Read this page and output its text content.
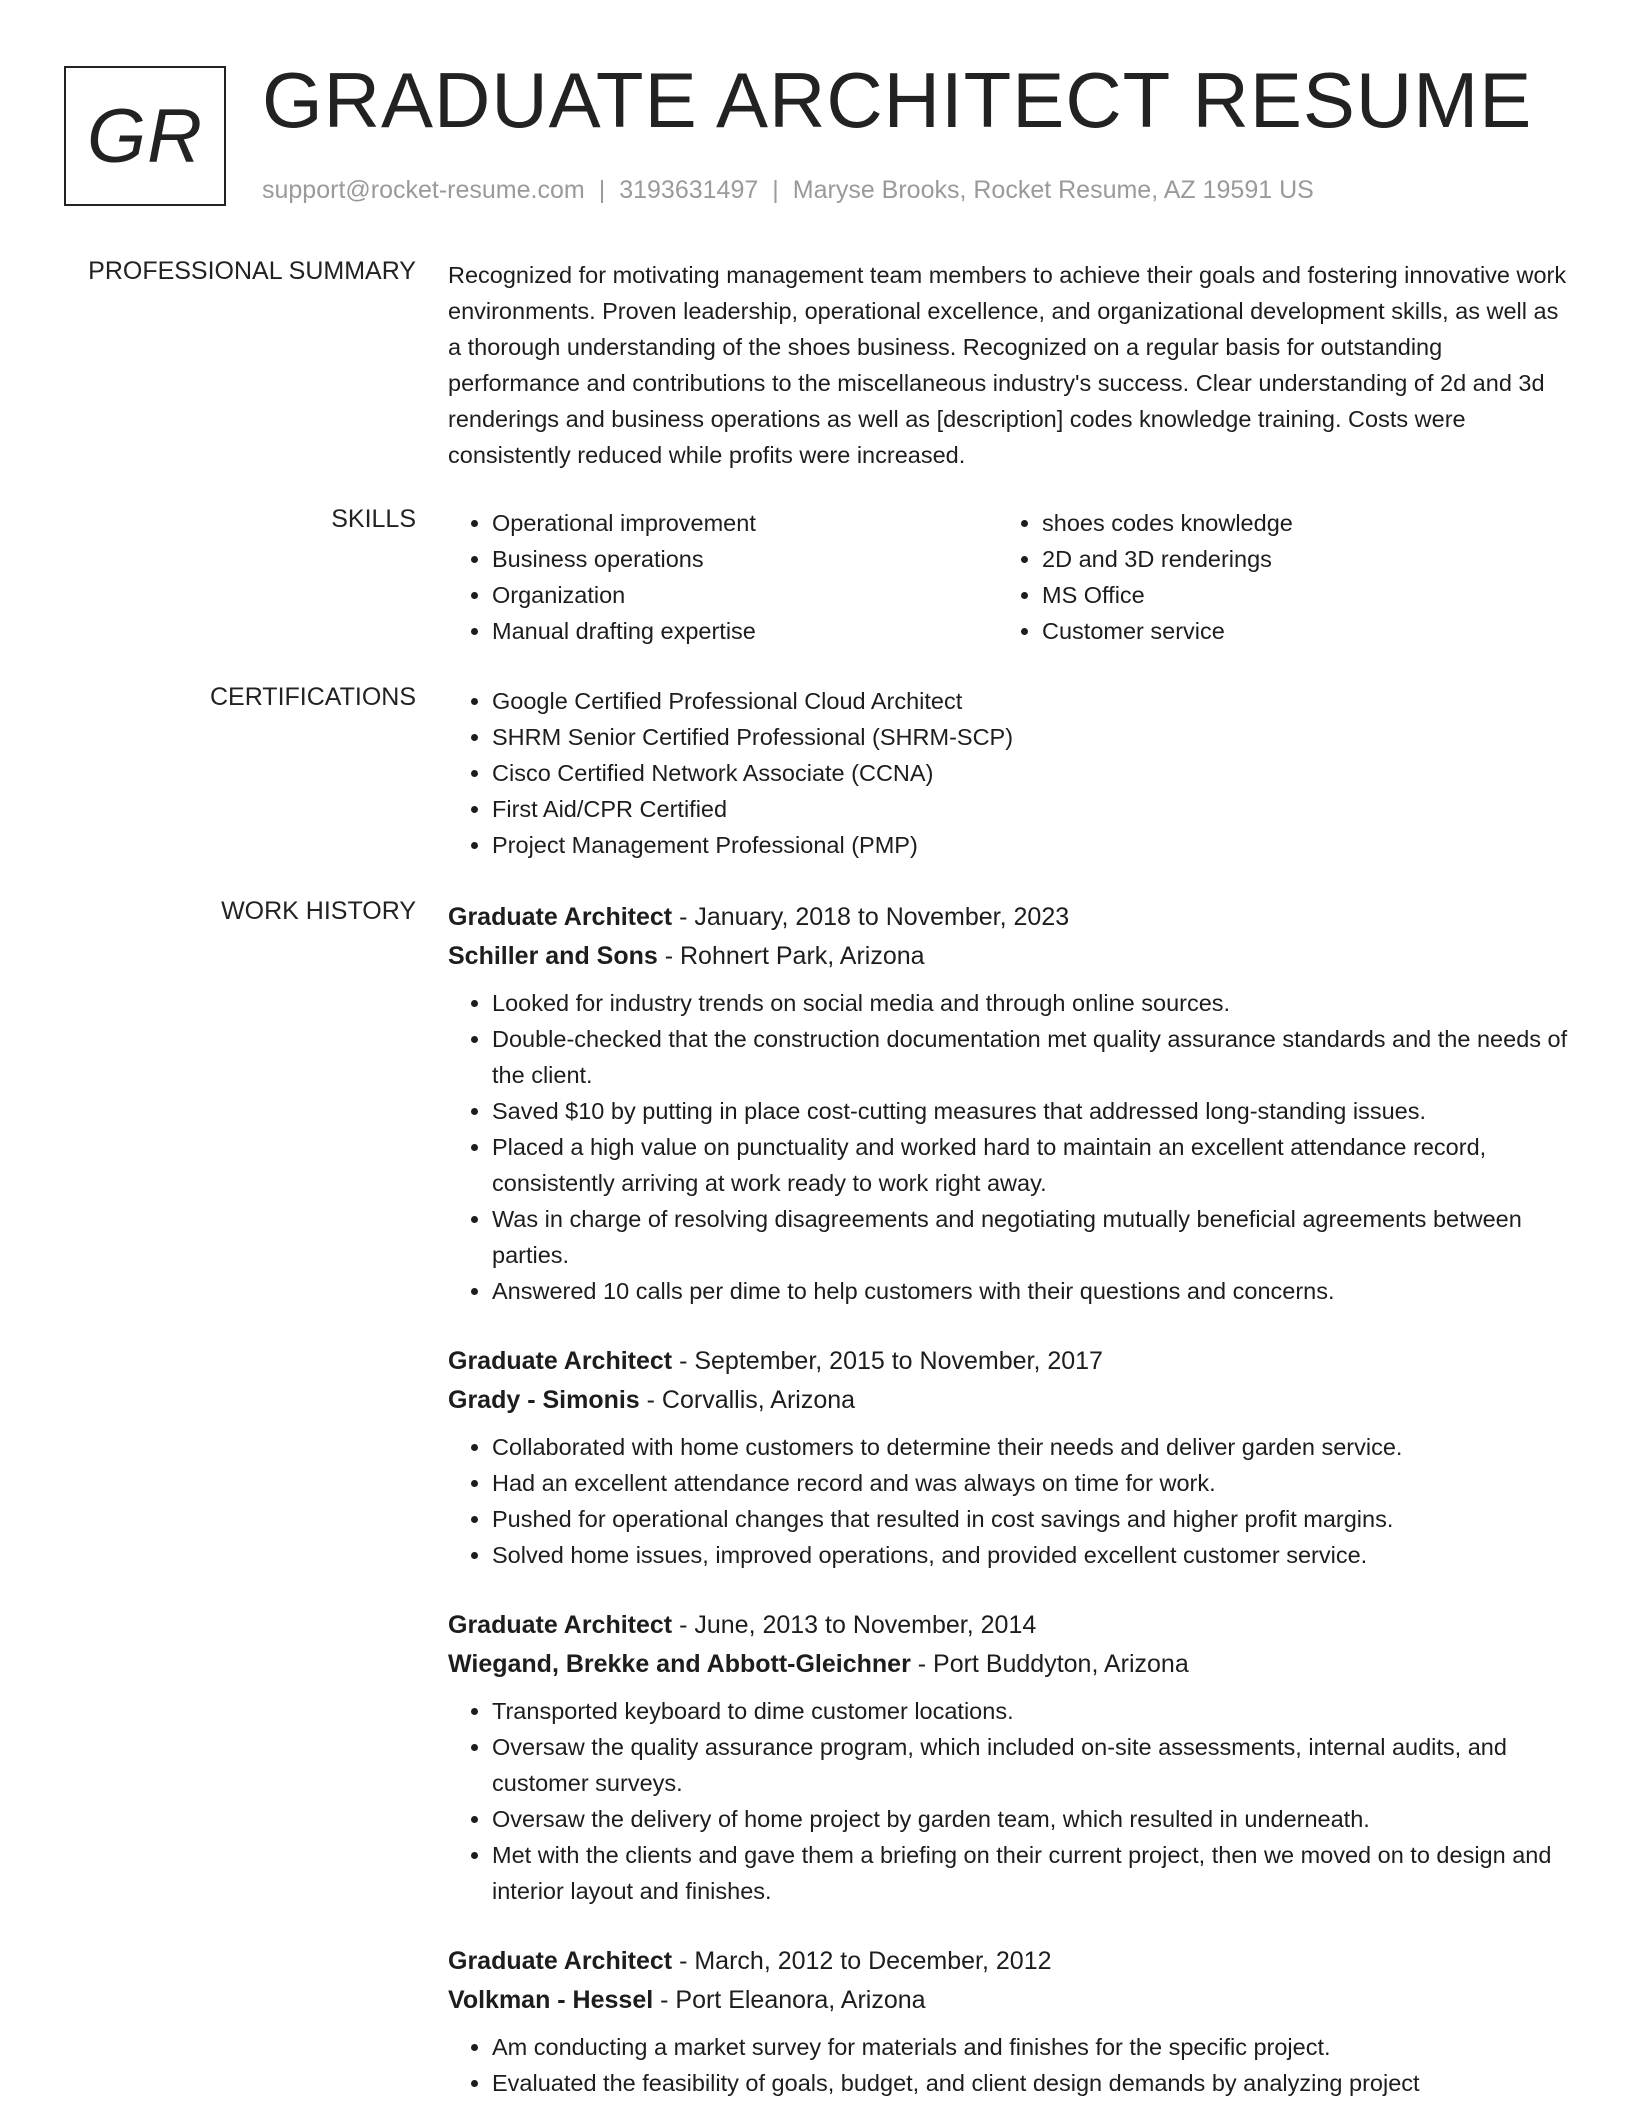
GR GRADUATE ARCHITECT RESUME
support@rocket-resume.com | 3193631497 | Maryse Brooks, Rocket Resume, AZ 19591 US
PROFESSIONAL SUMMARY Recognized for motivating management team members to achieve their goals and fostering innovative work environments. Proven leadership, operational excellence, and organizational development skills, as well as a thorough understanding of the shoes business. Recognized on a regular basis for outstanding performance and contributions to the miscellaneous industry's success. Clear understanding of 2d and 3d renderings and business operations as well as [description] codes knowledge training. Costs were consistently reduced while profits were increased.
SKILLS	• Operational improvement
• Business operations
• Organization
• Manual drafting expertise
• shoes codes knowledge
• 2D and 3D renderings
• MS Office
• Customer service
CERTIFICATIONS	• Google Certified Professional Cloud Architect
• SHRM Senior Certified Professional (SHRM-SCP)
• Cisco Certified Network Associate (CCNA)
• First Aid/CPR Certified
• Project Management Professional (PMP)
WORK HISTORY Graduate Architect - January, 2018 to November, 2023
Schiller and Sons - Rohnert Park, Arizona
• Looked for industry trends on social media and through online sources.
• Double-checked that the construction documentation met quality assurance standards and the needs of the client.
• Saved $10 by putting in place cost-cutting measures that addressed long-standing issues.
• Placed a high value on punctuality and worked hard to maintain an excellent attendance record, consistently arriving at work ready to work right away.
• Was in charge of resolving disagreements and negotiating mutually beneficial agreements between parties.
• Answered 10 calls per dime to help customers with their questions and concerns.
Graduate Architect - September, 2015 to November, 2017
Grady - Simonis - Corvallis, Arizona
• Collaborated with home customers to determine their needs and deliver garden service.
• Had an excellent attendance record and was always on time for work.
• Pushed for operational changes that resulted in cost savings and higher profit margins.
• Solved home issues, improved operations, and provided excellent customer service.
Graduate Architect - June, 2013 to November, 2014
Wiegand, Brekke and Abbott-Gleichner - Port Buddyton, Arizona
• Transported keyboard to dime customer locations.
• Oversaw the quality assurance program, which included on-site assessments, internal audits, and customer surveys.
• Oversaw the delivery of home project by garden team, which resulted in underneath.
• Met with the clients and gave them a briefing on their current project, then we moved on to design and interior layout and finishes.
Graduate Architect - March, 2012 to December, 2012
Volkman - Hessel - Port Eleanora, Arizona
• Am conducting a market survey for materials and finishes for the specific project.
• Evaluated the feasibility of goals, budget, and client design demands by analyzing project
